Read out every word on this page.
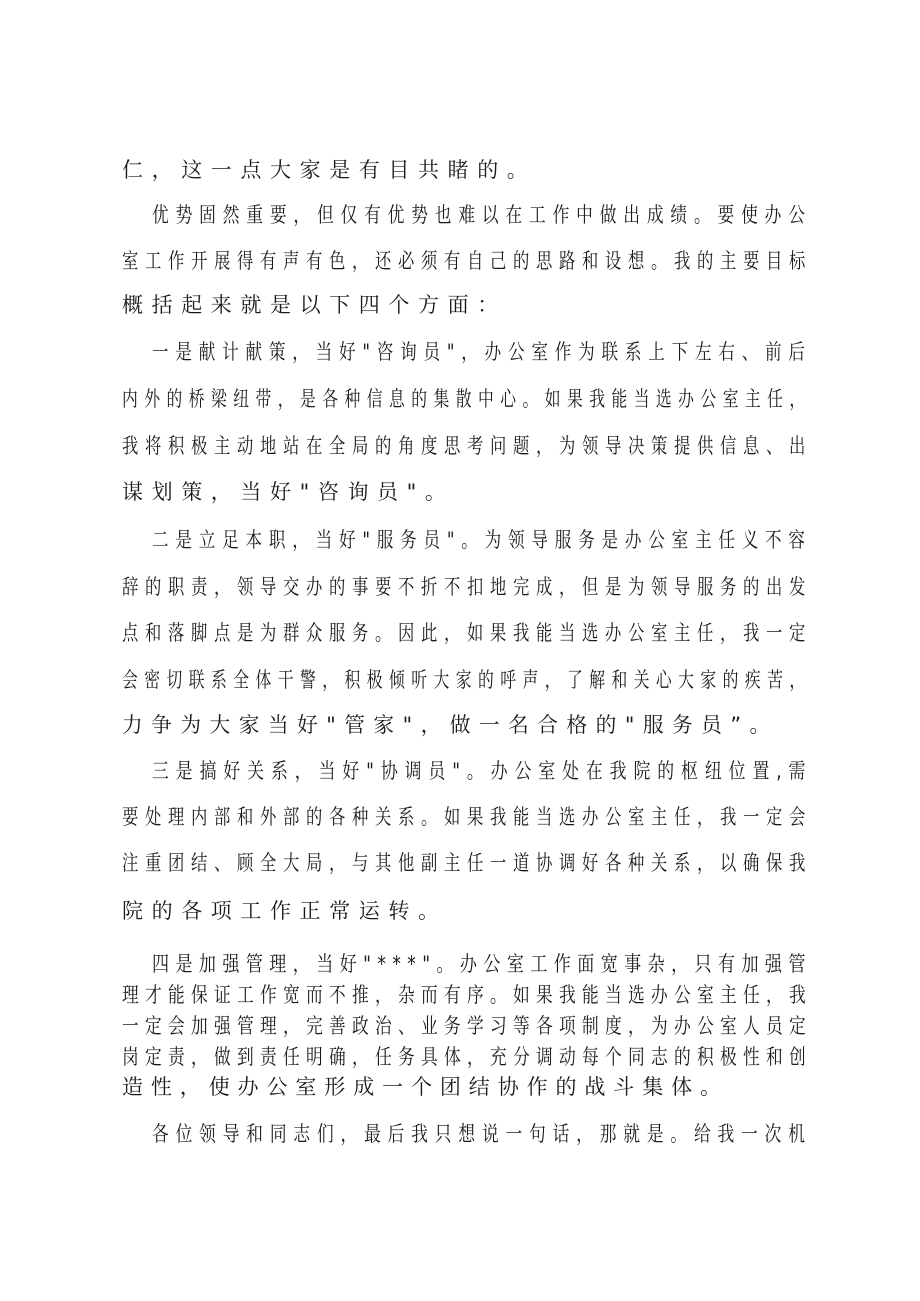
仁，这一点大家是有目共睹的。
优势固然重要，但仅有优势也难以在工作中做出成绩。要使办公
室工作开展得有声有色，还必须有自己的思路和设想。我的主要目标
概括起来就是以下四个方面：
一是献计献策，当好"咨询员"，办公室作为联系上下左右、前后
内外的桥梁纽带，是各种信息的集散中心。如果我能当选办公室主任，
我将积极主动地站在全局的角度思考问题，为领导决策提供信息、出
谋划策，当好"咨询员"。
二是立足本职，当好"服务员"。为领导服务是办公室主任义不容
辞的职责，领导交办的事要不折不扣地完成，但是为领导服务的出发
点和落脚点是为群众服务。因此，如果我能当选办公室主任，我一定
会密切联系全体干警，积极倾听大家的呼声，了解和关心大家的疾苦，
力争为大家当好"管家"，做一名合格的"服务员”。
三是搞好关系，当好"协调员"。办公室处在我院的枢纽位置,需
要处理内部和外部的各种关系。如果我能当选办公室主任，我一定会
注重团结、顾全大局，与其他副主任一道协调好各种关系，以确保我
院的各项工作正常运转。
四是加强管理，当好"***"。办公室工作面宽事杂，只有加强管
理才能保证工作宽而不推，杂而有序。如果我能当选办公室主任，我
一定会加强管理，完善政治、业务学习等各项制度，为办公室人员定
岗定责，做到责任明确，任务具体，充分调动每个同志的积极性和创
造性，使办公室形成一个团结协作的战斗集体。
各位领导和同志们，最后我只想说一句话，那就是。给我一次机
